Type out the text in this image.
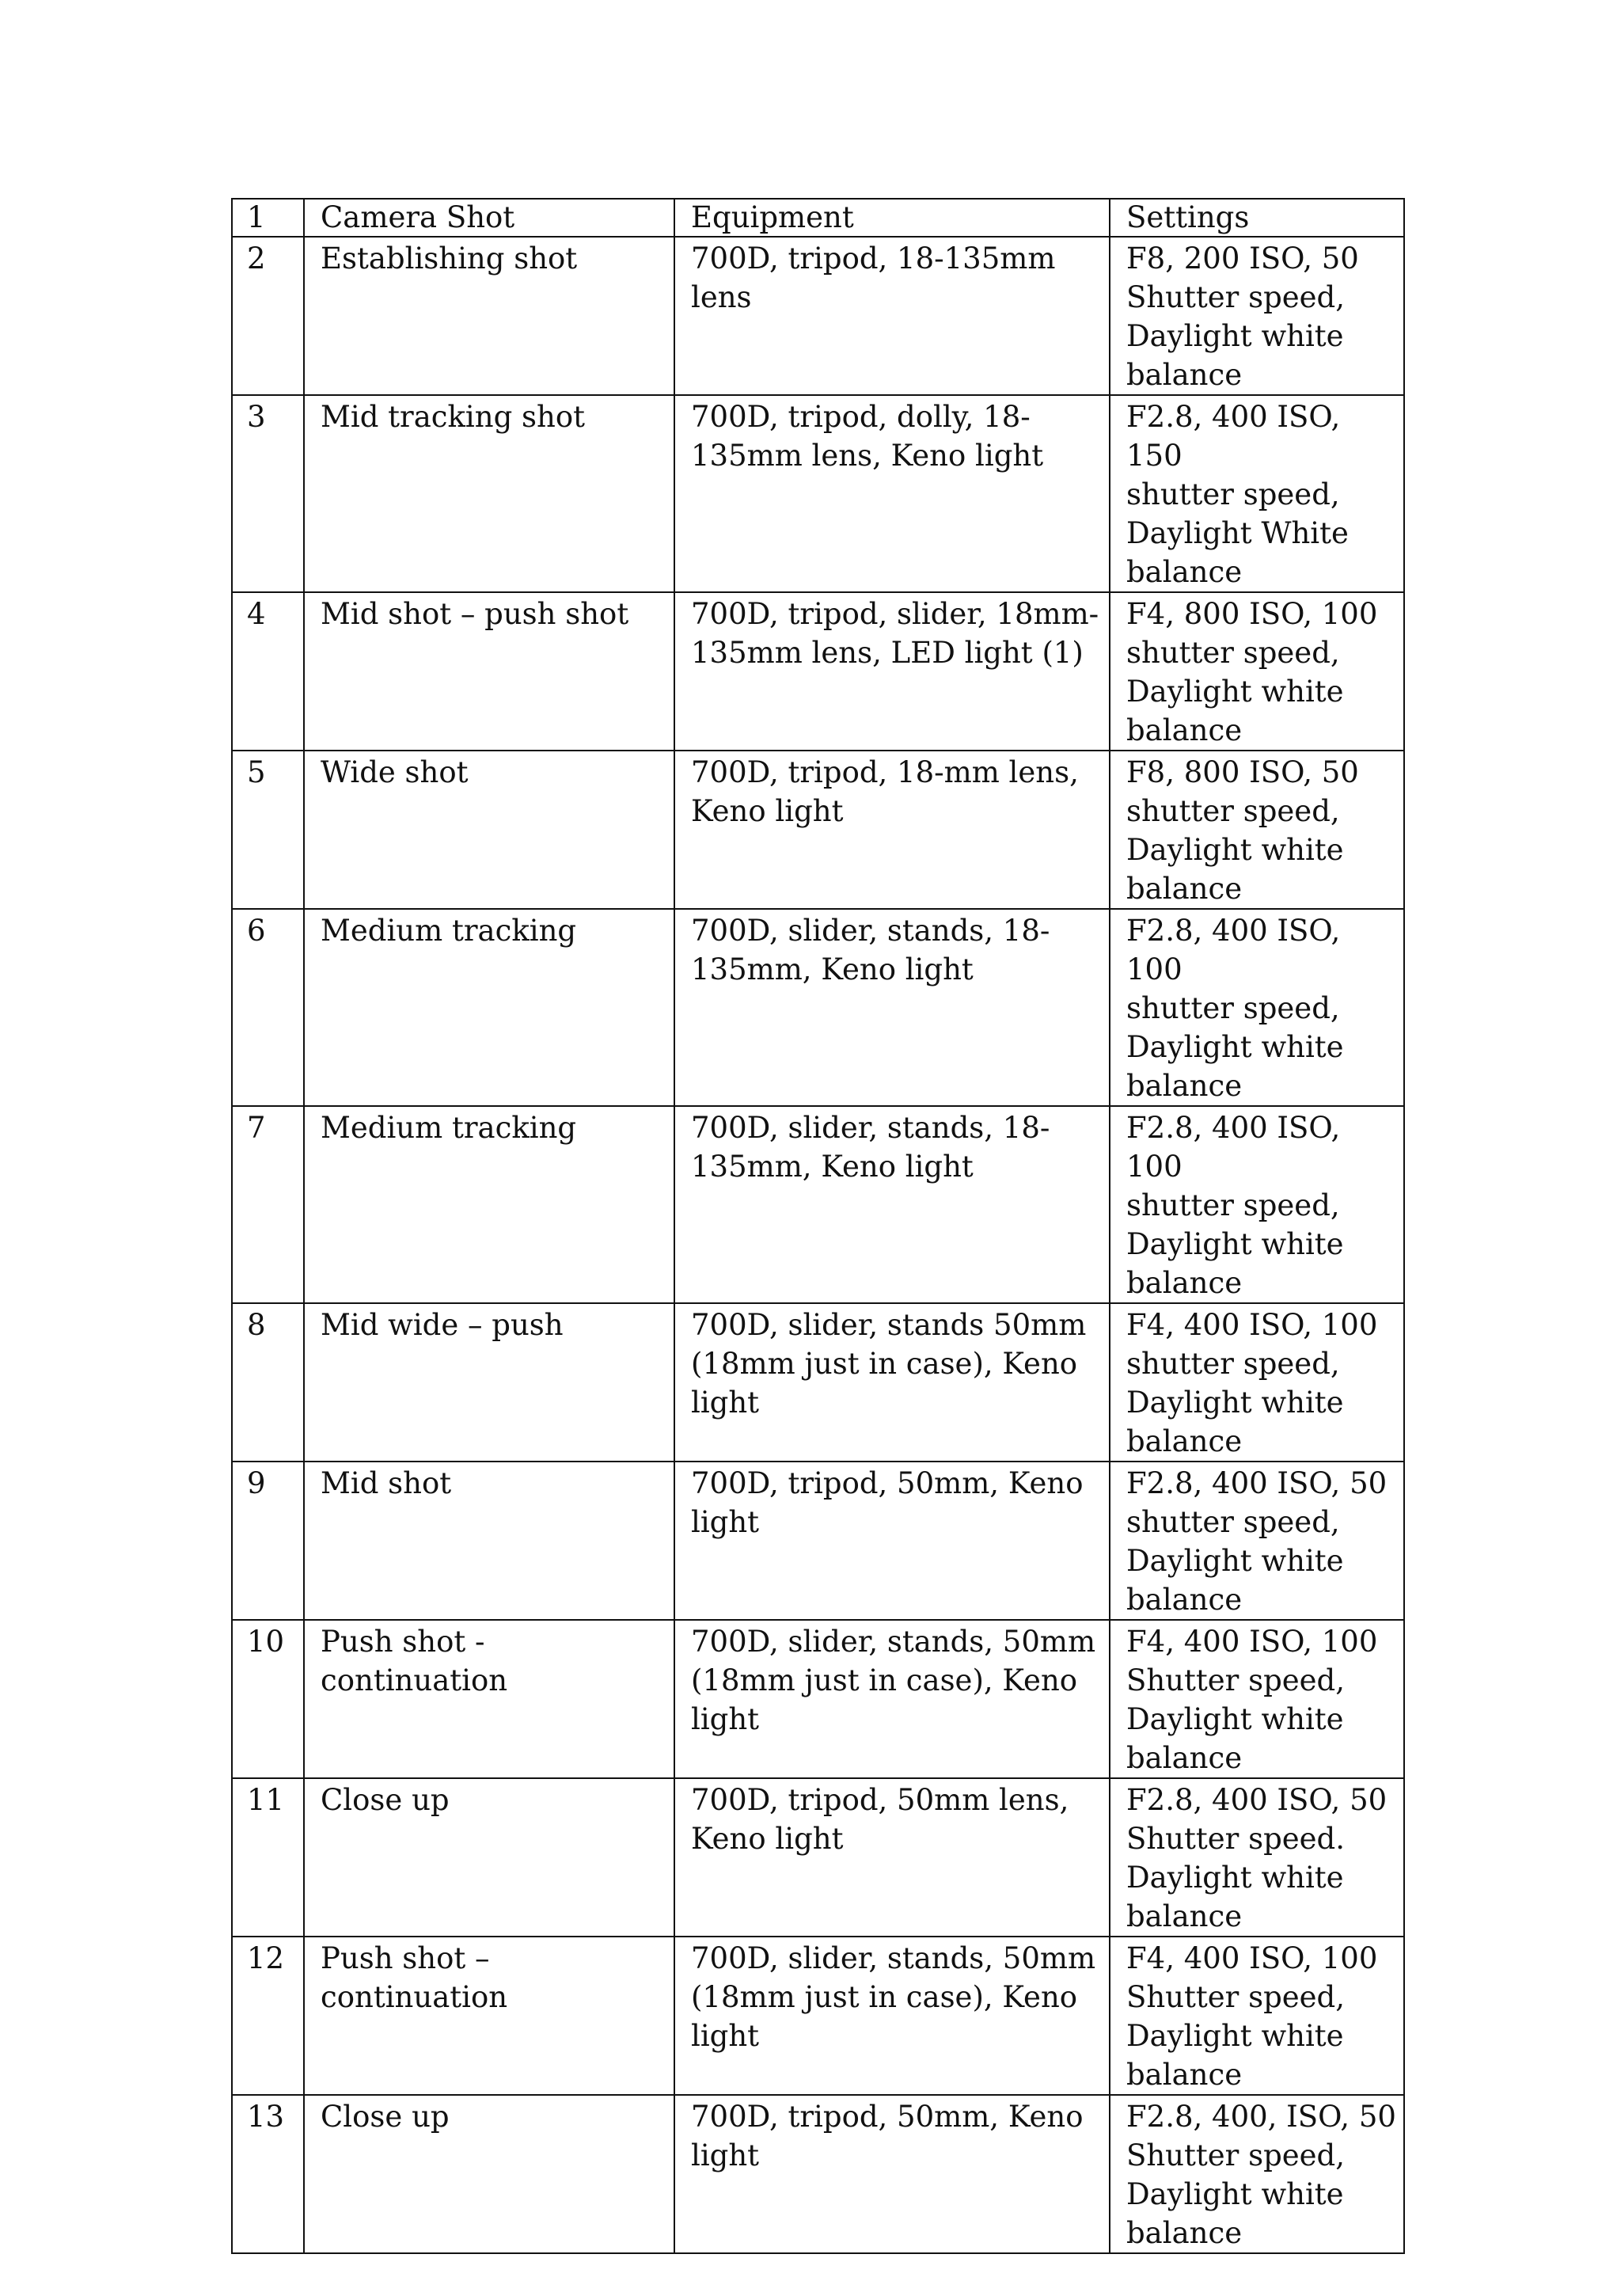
1	Camera Shot	Equipment	Settings
2	Establishing shot	700D, tripod, 18-135mm
lens	F8, 200 ISO, 50
Shutter speed,
Daylight white
balance

3	Mid tracking shot	700D, tripod, dolly, 18-
135mm lens, Keno light	F2.8, 400 ISO, 150
shutter speed,
Daylight White
balance

4	Mid shot – push shot	700D, tripod, slider, 18mm-
135mm lens, LED light (1)	F4, 800 ISO, 100
shutter speed,
Daylight white
balance

5	Wide shot	700D, tripod, 18-mm lens,
Keno light	F8, 800 ISO, 50
shutter speed,
Daylight white
balance

6	Medium tracking	700D, slider, stands, 18-
135mm, Keno light	F2.8, 400 ISO, 100
shutter speed,
Daylight white
balance

7	Medium tracking	700D, slider, stands, 18-
135mm, Keno light	F2.8, 400 ISO, 100
shutter speed,
Daylight white
balance

8	Mid wide – push	700D, slider, stands 50mm
(18mm just in case), Keno
light	F4, 400 ISO, 100
shutter speed,
Daylight white
balance

9	Mid shot	700D, tripod, 50mm, Keno
light	F2.8, 400 ISO, 50
shutter speed,
Daylight white
balance

10	Push shot -
continuation	700D, slider, stands, 50mm
(18mm just in case), Keno
light	F4, 400 ISO, 100
Shutter speed,
Daylight white
balance

11	Close up	700D, tripod, 50mm lens,
Keno light	F2.8, 400 ISO, 50
Shutter speed.
Daylight white
balance

12	Push shot –
continuation	700D, slider, stands, 50mm
(18mm just in case), Keno
light	F4, 400 ISO, 100
Shutter speed,
Daylight white
balance

13	Close up	700D, tripod, 50mm, Keno
light	F2.8, 400, ISO, 50
Shutter speed,
Daylight white
balance
